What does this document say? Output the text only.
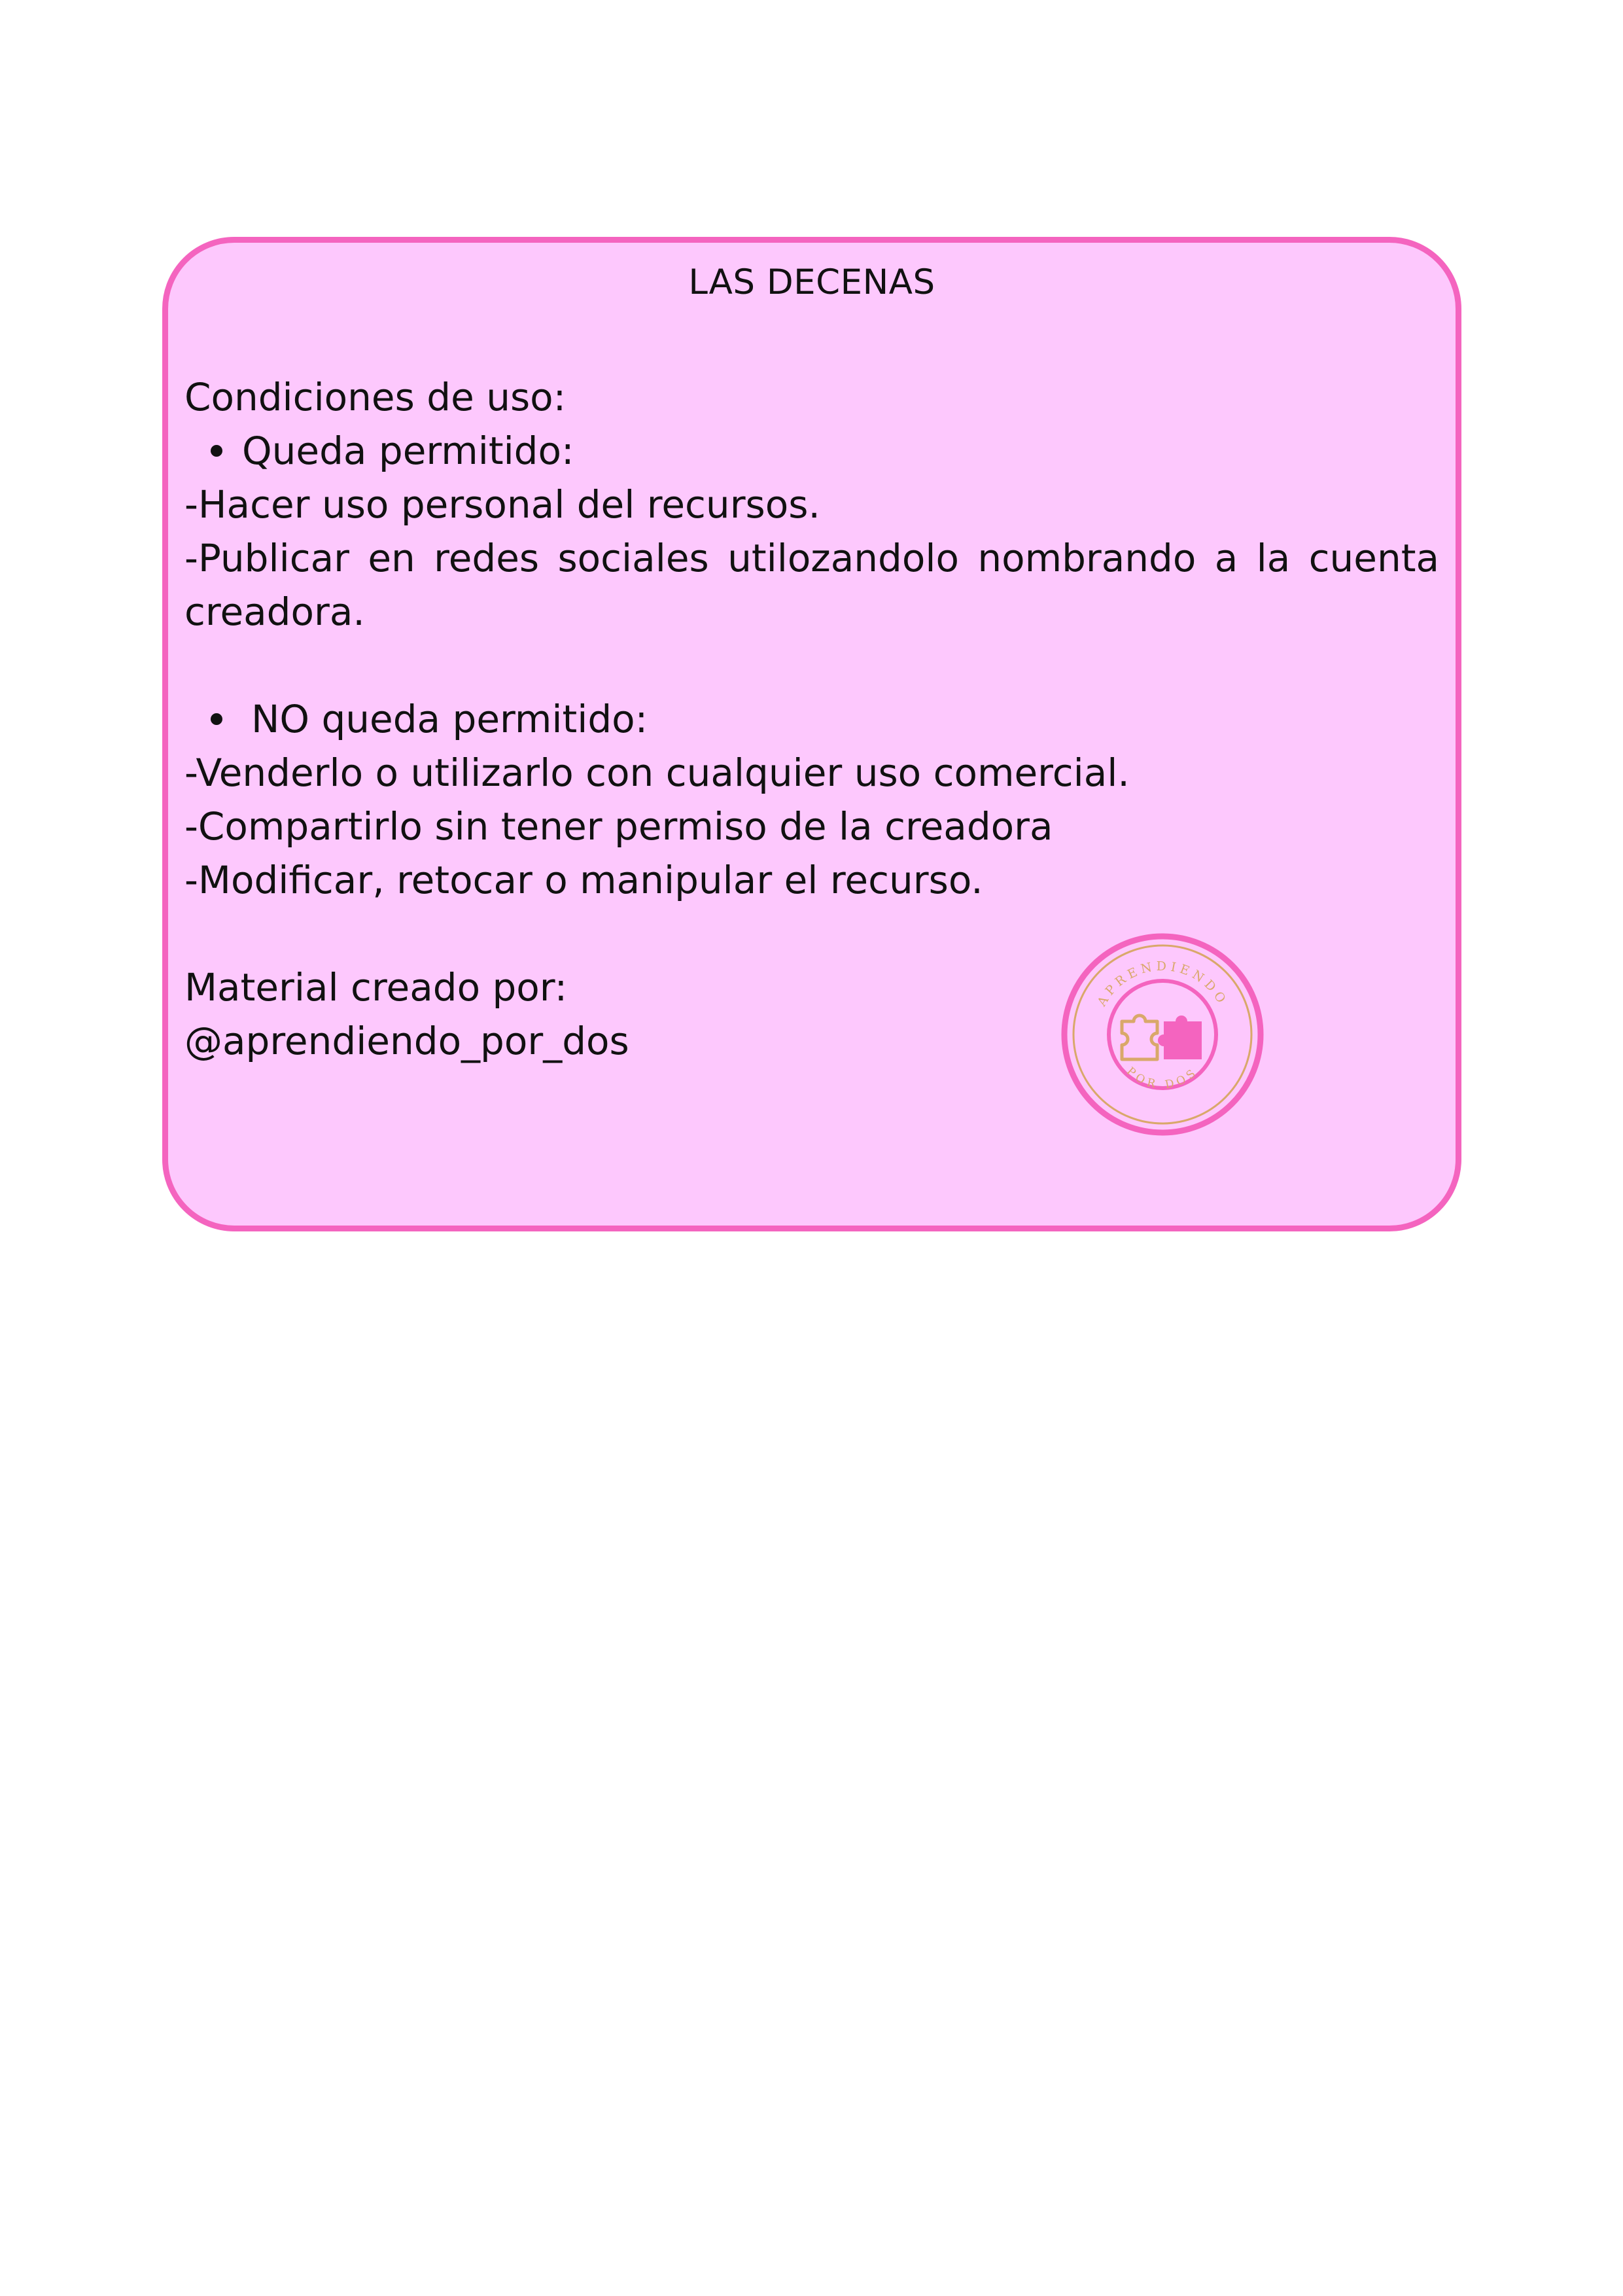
LAS DECENAS
Condiciones de uso:
Queda permitido:
-Hacer uso personal del recursos.
-Publicar en redes sociales utilozandolo nombrando a la cuenta creadora.
NO queda permitido:
-Venderlo o utilizarlo con cualquier uso comercial.
-Compartirlo sin tener permiso de la creadora
-Modificar, retocar o manipular el recurso.
Material creado por:
@aprendiendo_por_dos
APRENDIENDO
POR DOS
